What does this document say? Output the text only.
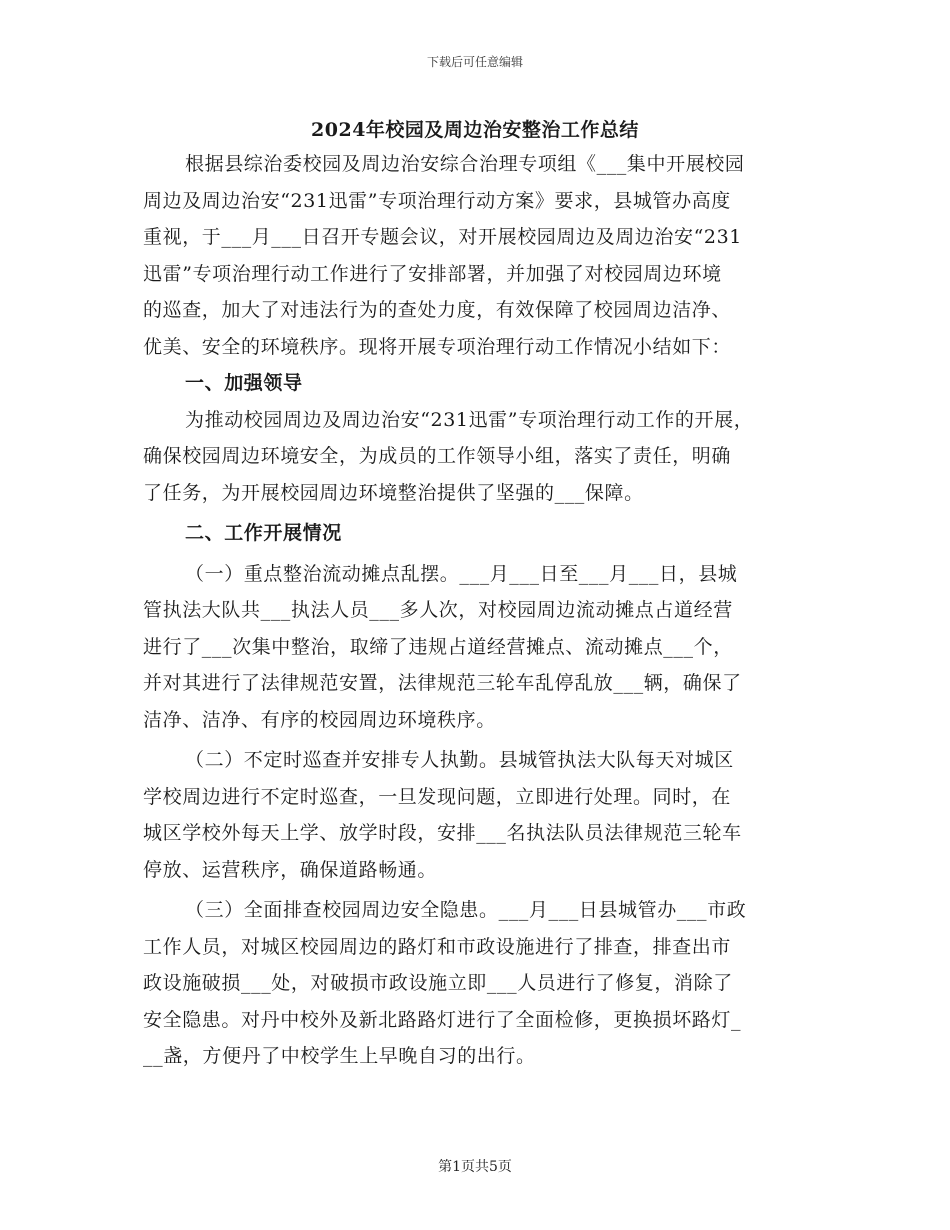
下载后可任意编辑
2024年校园及周边治安整治工作总结
根据县综治委校园及周边治安综合治理专项组《___集中开展校园
周边及周边治安“231迅雷”专项治理行动方案》要求，县城管办高度
重视，于___月___日召开专题会议，对开展校园周边及周边治安“231
迅雷”专项治理行动工作进行了安排部署，并加强了对校园周边环境
的巡查，加大了对违法行为的查处力度，有效保障了校园周边洁净、
优美、安全的环境秩序。现将开展专项治理行动工作情况小结如下：
一、加强领导
为推动校园周边及周边治安“231迅雷”专项治理行动工作的开展，
确保校园周边环境安全，为成员的工作领导小组，落实了责任，明确
了任务，为开展校园周边环境整治提供了坚强的___保障。
二、工作开展情况
（一）重点整治流动摊点乱摆。___月___日至___月___日，县城
管执法大队共___执法人员___多人次，对校园周边流动摊点占道经营
进行了___次集中整治，取缔了违规占道经营摊点、流动摊点___个，
并对其进行了法律规范安置，法律规范三轮车乱停乱放___辆，确保了
洁净、洁净、有序的校园周边环境秩序。
（二）不定时巡查并安排专人执勤。县城管执法大队每天对城区
学校周边进行不定时巡查，一旦发现问题，立即进行处理。同时，在
城区学校外每天上学、放学时段，安排___名执法队员法律规范三轮车
停放、运营秩序，确保道路畅通。
（三）全面排查校园周边安全隐患。___月___日县城管办___市政
工作人员，对城区校园周边的路灯和市政设施进行了排查，排查出市
政设施破损___处，对破损市政设施立即___人员进行了修复，消除了
安全隐患。对丹中校外及新北路路灯进行了全面检修，更换损坏路灯_
__盏，方便丹了中校学生上早晚自习的出行。
第1页共5页
